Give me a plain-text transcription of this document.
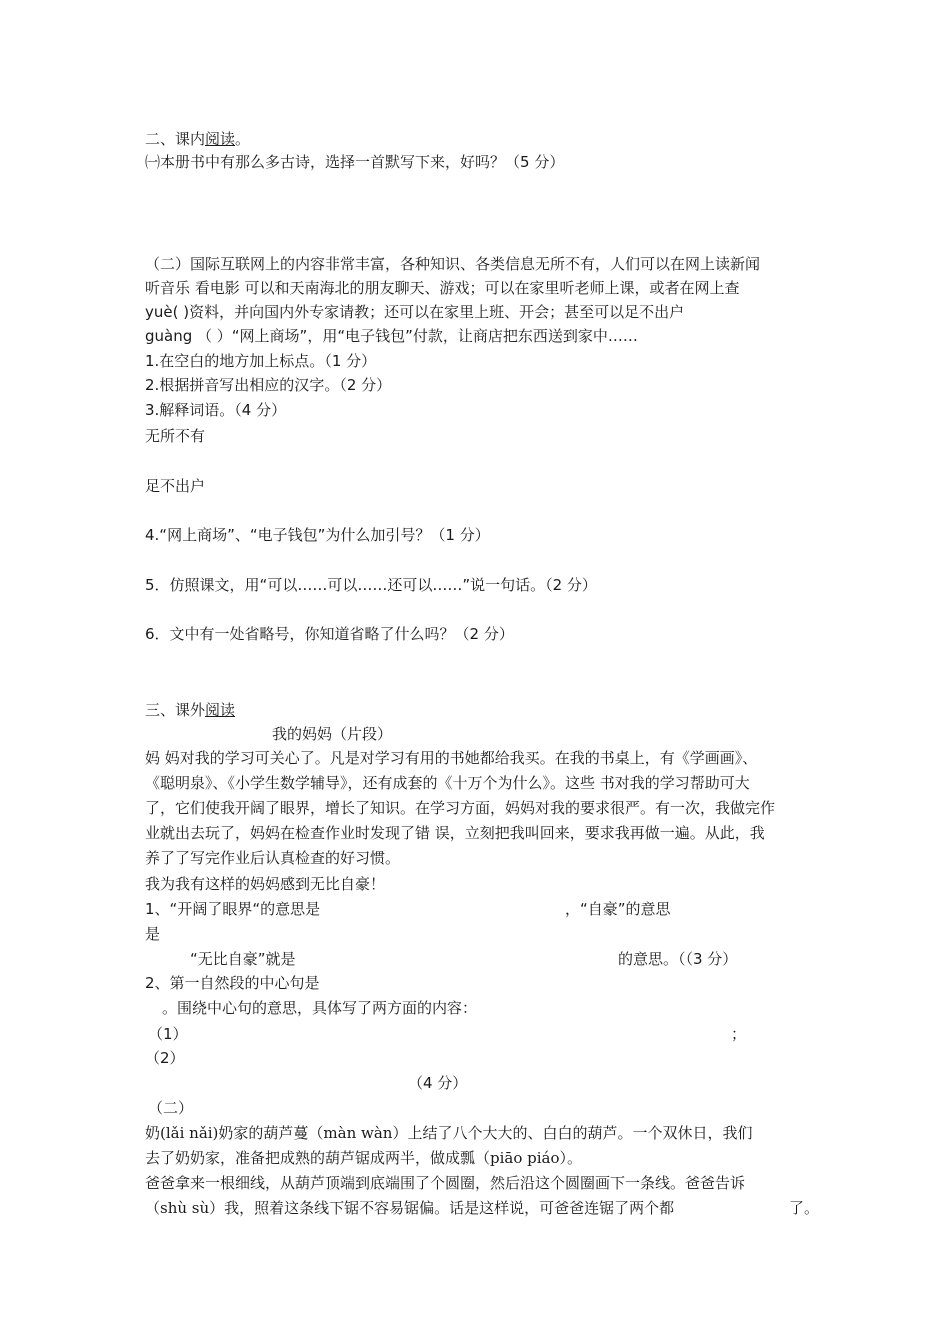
二、课内阅读。
㈠本册书中有那么多古诗，选择一首默写下来，好吗？（5 分）
（二）国际互联网上的内容非常丰富，各种知识、各类信息无所不有，人们可以在网上读新闻
听音乐 看电影 可以和天南海北的朋友聊天、游戏；可以在家里听老师上课，或者在网上查
yuè( )资料，并向国内外专家请教；还可以在家里上班、开会；甚至可以足不出户
guàng （ ）“网上商场”，用“电子钱包”付款，让商店把东西送到家中……
1.在空白的地方加上标点。（1 分）
2.根据拼音写出相应的汉字。（2 分）
3.解释词语。（4 分）
无所不有
足不出户
4.“网上商场”、“电子钱包”为什么加引号？（1 分）
5．仿照课文，用“可以……可以……还可以……”说一句话。（2 分）
6．文中有一处省略号，你知道省略了什么吗？（2 分）
三、课外阅读
我的妈妈（片段）
妈 妈对我的学习可关心了。凡是对学习有用的书她都给我买。在我的书桌上，有《学画画》、
《聪明泉》、《小学生数学辅导》，还有成套的《十万个为什么》。这些 书对我的学习帮助可大
了，它们使我开阔了眼界，增长了知识。在学习方面，妈妈对我的要求很严。有一次，我做完作
业就出去玩了，妈妈在检查作业时发现了错 误，立刻把我叫回来，要求我再做一遍。从此，我
养了了写完作业后认真检查的好习惯。
我为我有这样的妈妈感到无比自豪！
1、“开阔了眼界“的意思是	，“自豪”的意思
是
“无比自豪”就是	的意思。（（3 分）
2、第一自然段的中心句是
。围绕中心句的意思，具体写了两方面的内容：
（1）	；
（2）
（4 分）
（二）
奶(lǎi nǎi)奶家的葫芦蔓（màn wàn）上结了八个大大的、白白的葫芦。一个双休日，我们
去了奶奶家，准备把成熟的葫芦锯成两半，做成瓢（piāo piáo）。
爸爸拿来一根细线，从葫芦顶端到底端围了个圆圈，然后沿这个圆圈画下一条线。爸爸告诉
（shù sù）我，照着这条线下锯不容易锯偏。话是这样说，可爸爸连锯了两个都	了。
